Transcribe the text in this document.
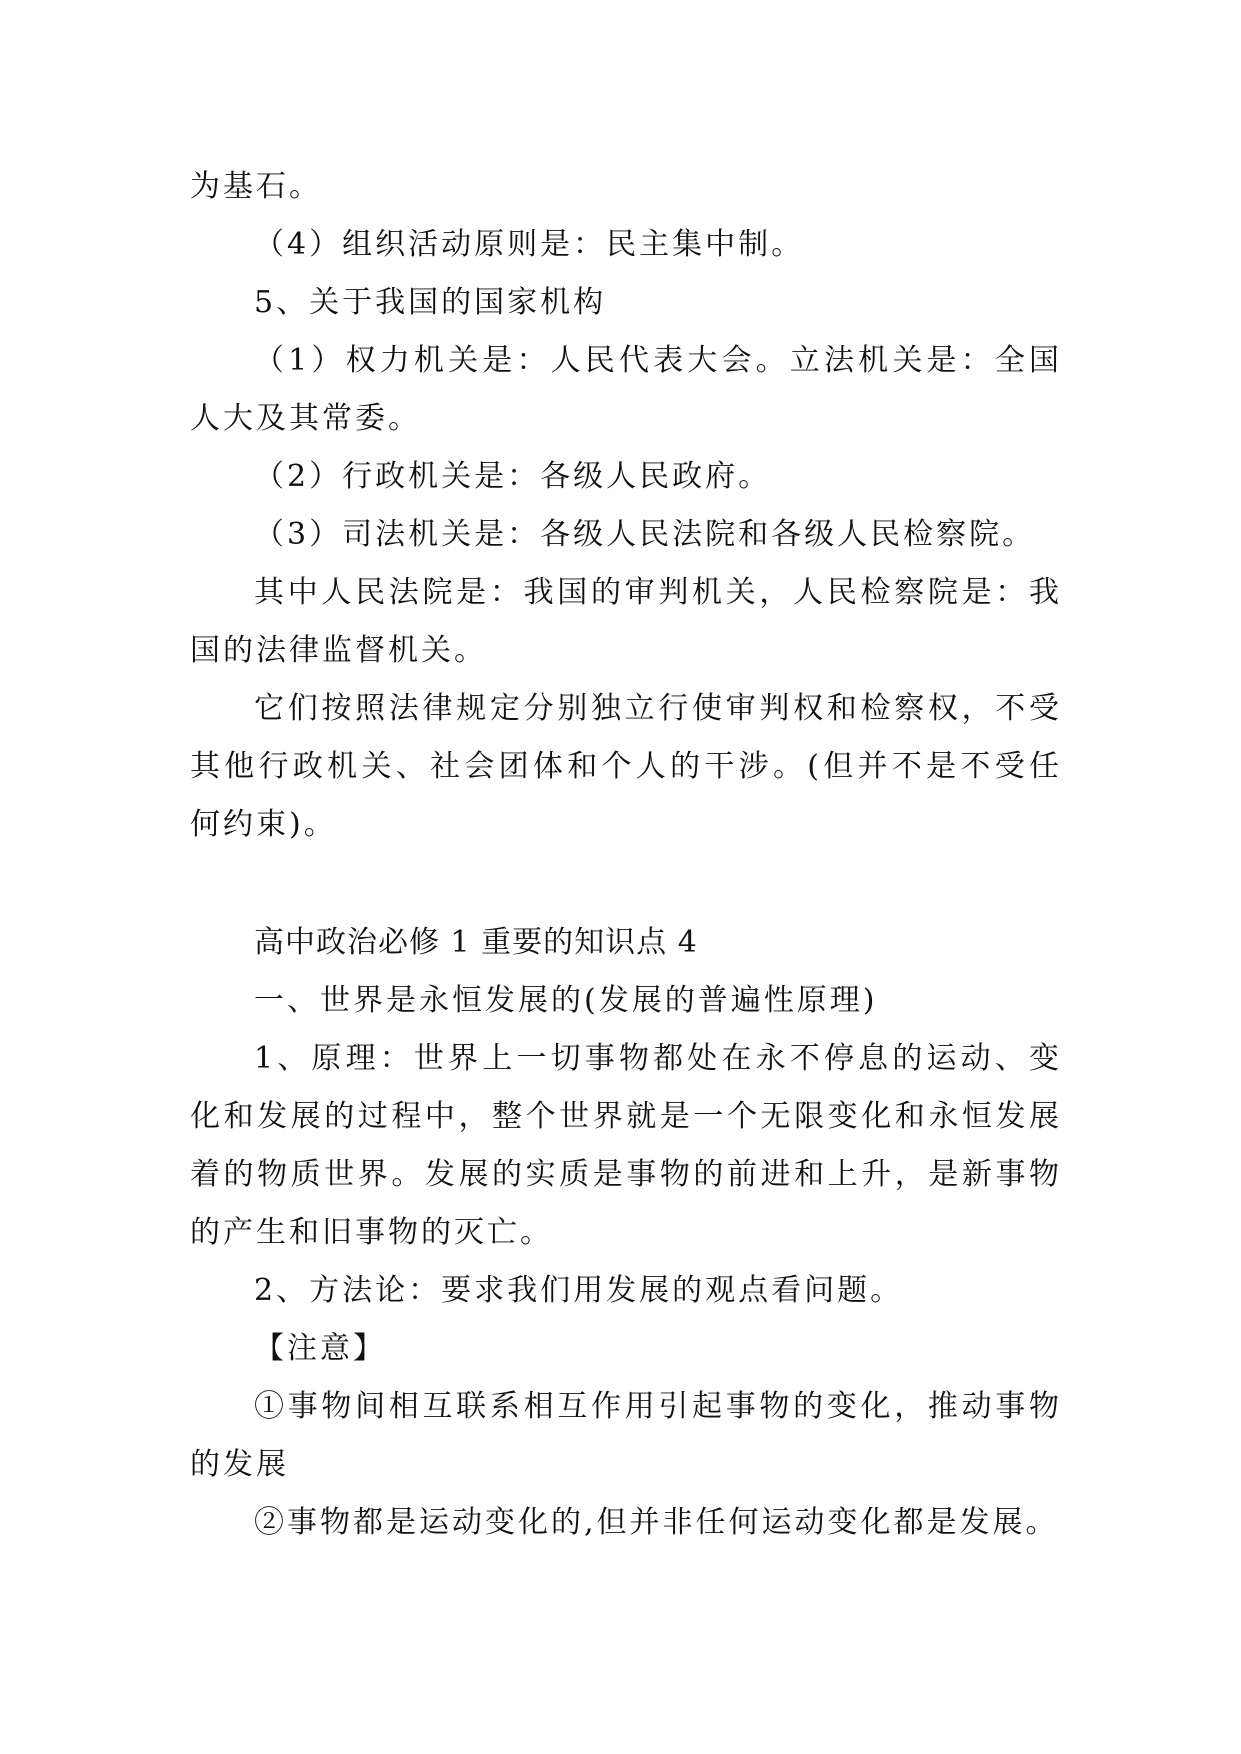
为基石。

（4）组织活动原则是：民主集中制。

5、关于我国的国家机构

（1）权力机关是：人民代表大会。立法机关是：全国人大及其常委。

（2）行政机关是：各级人民政府。

（3）司法机关是：各级人民法院和各级人民检察院。

其中人民法院是：我国的审判机关，人民检察院是：我国的法律监督机关。

它们按照法律规定分别独立行使审判权和检察权，不受其他行政机关、社会团体和个人的干涉。(但并不是不受任何约束)。

高中政治必修 1 重要的知识点 4

一、世界是永恒发展的(发展的普遍性原理)

1、原理：世界上一切事物都处在永不停息的运动、变化和发展的过程中，整个世界就是一个无限变化和永恒发展着的物质世界。发展的实质是事物的前进和上升，是新事物的产生和旧事物的灭亡。

2、方法论：要求我们用发展的观点看问题。

【注意】

①事物间相互联系相互作用引起事物的变化，推动事物的发展

②事物都是运动变化的,但并非任何运动变化都是发展。
